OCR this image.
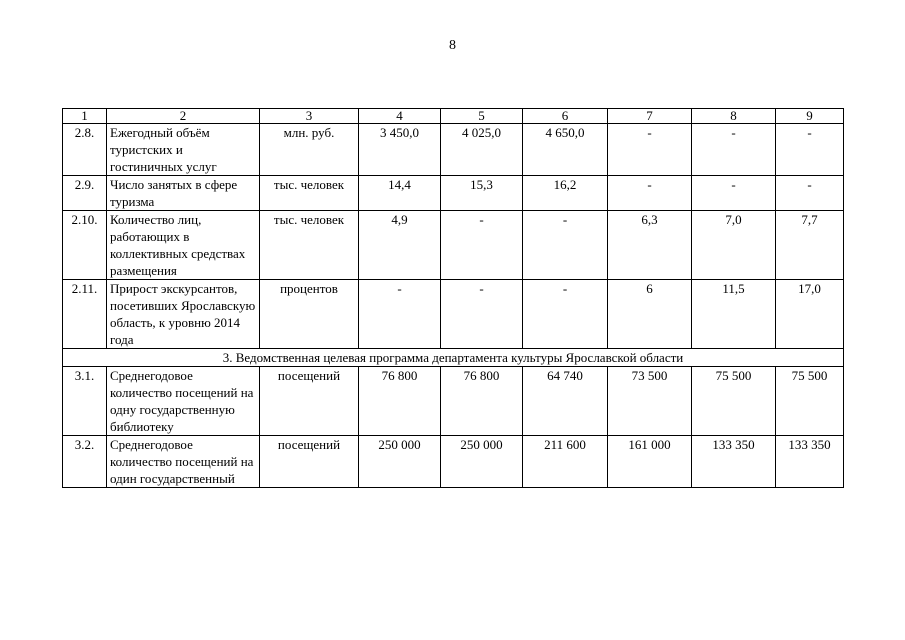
8
1	2	3	4	5	6	7	8	9
2.8.	Ежегодный объём туристских и гостиничных услуг	млн. руб.	3 450,0	4 025,0	4 650,0	-	-	-
2.9.	Число занятых в сфере туризма	тыс. человек	14,4	15,3	16,2	-	-	-
2.10.	Количество лиц, работающих в коллективных средствах размещения	тыс. человек	4,9	-	-	6,3	7,0	7,7
2.11.	Прирост экскурсантов, посетивших Ярославскую область, к уровню 2014 года	процентов	-	-	-	6	11,5	17,0
3. Ведомственная целевая программа департамента культуры Ярославской области								
3.1.	Среднегодовое количество посещений на одну государственную библиотеку	посещений	76 800	76 800	64 740	73 500	75 500	75 500
3.2.	Среднегодовое количество посещений на один государственный	посещений	250 000	250 000	211 600	161 000	133 350	133 350
